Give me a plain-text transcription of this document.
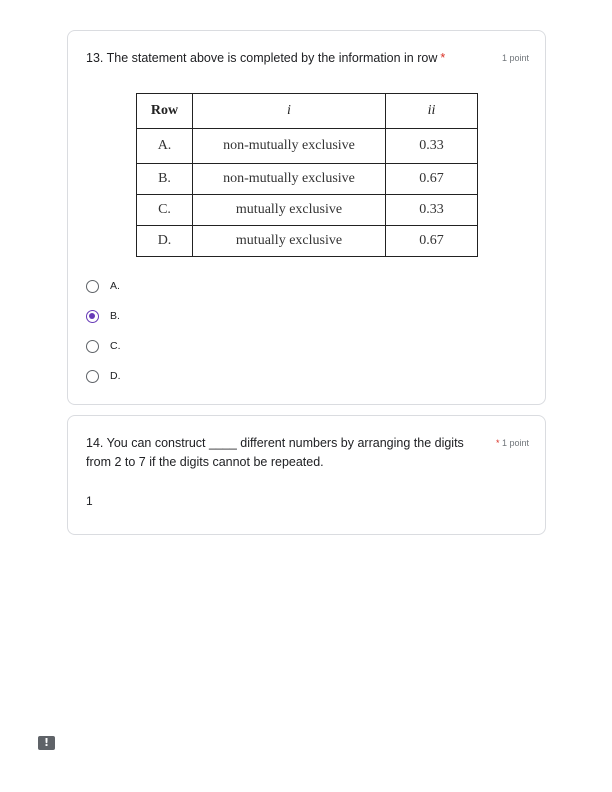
13. The statement above is completed by the information in row *	1 point
Row	i	ii
A.	non-mutually exclusive	0.33
B.	non-mutually exclusive	0.67
C.	mutually exclusive	0.33
D.	mutually exclusive	0.67
A.
B.
C.
D.
14. You can construct ____ different numbers by arranging the digits from 2 to 7 if the digits cannot be repeated.
* 1 point
1
!
